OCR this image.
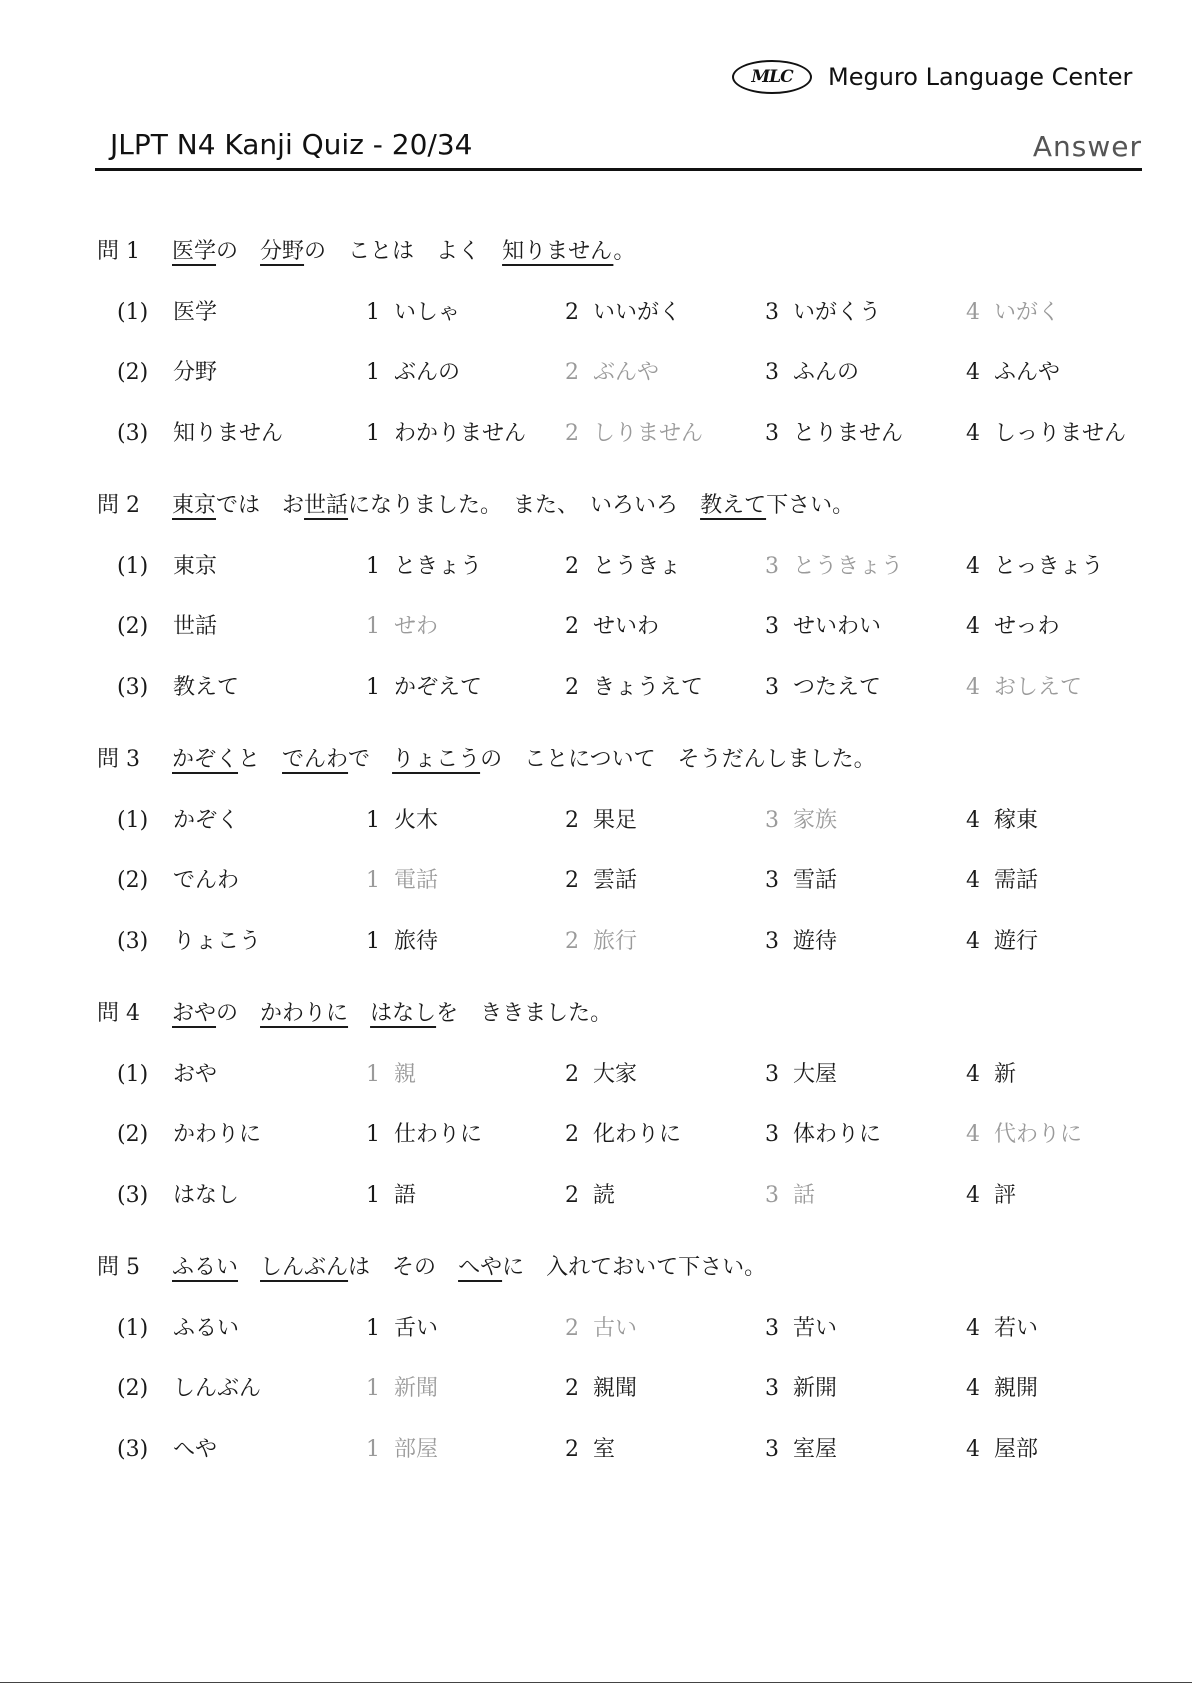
MLC	Meguro Language Center
JLPT N4 Kanji Quiz - 20/34	Answer
問 1 医学の　分野の　ことは　よく　知りません。
(1) 医学	1 いしゃ	2 いいがく	3 いがくう	4 いがく
(2) 分野	1 ぶんの	2 ぶんや	3 ふんの	4 ふんや
(3) 知りません	1 わかりません 2 しりません	3 とりません	4 しっりません
問 2 東京では　お世話になりました。　また、　いろいろ　教えて下さい。
(1) 東京	1 ときょう	2 とうきょ	3 とうきょう	4 とっきょう
(2) 世話	1 せわ	2 せいわ	3 せいわい	4 せっわ
(3) 教えて	1 かぞえて	2 きょうえて	3 つたえて	4 おしえて
問 3 かぞくと　でんわで　りょこうの　ことについて　そうだんしました。
(1) かぞく	1 火木	2 果足	3 家族	4 稼東
(2) でんわ	1 電話	2 雲話	3 雪話	4 需話
(3) りょこう	1 旅待	2 旅行	3 遊待	4 遊行
問 4 おやの　かわりに　 はなしを　ききました。
(1) おや	1 親	2 大家	3 大屋	4 新
(2) かわりに	1 仕わりに	2 化わりに	3 体わりに	4 代わりに
(3) はなし	1 語	2 読	3 話	4 評
問 5 ふるい　 しんぶんは　その　へやに　入れておいて下さい。
(1) ふるい	1 舌い	2 古い	3 苦い	4 若い
(2) しんぶん	1 新聞	2 親聞	3 新開	4 親開
(3) へや	1 部屋	2 室	3 室屋	4 屋部
